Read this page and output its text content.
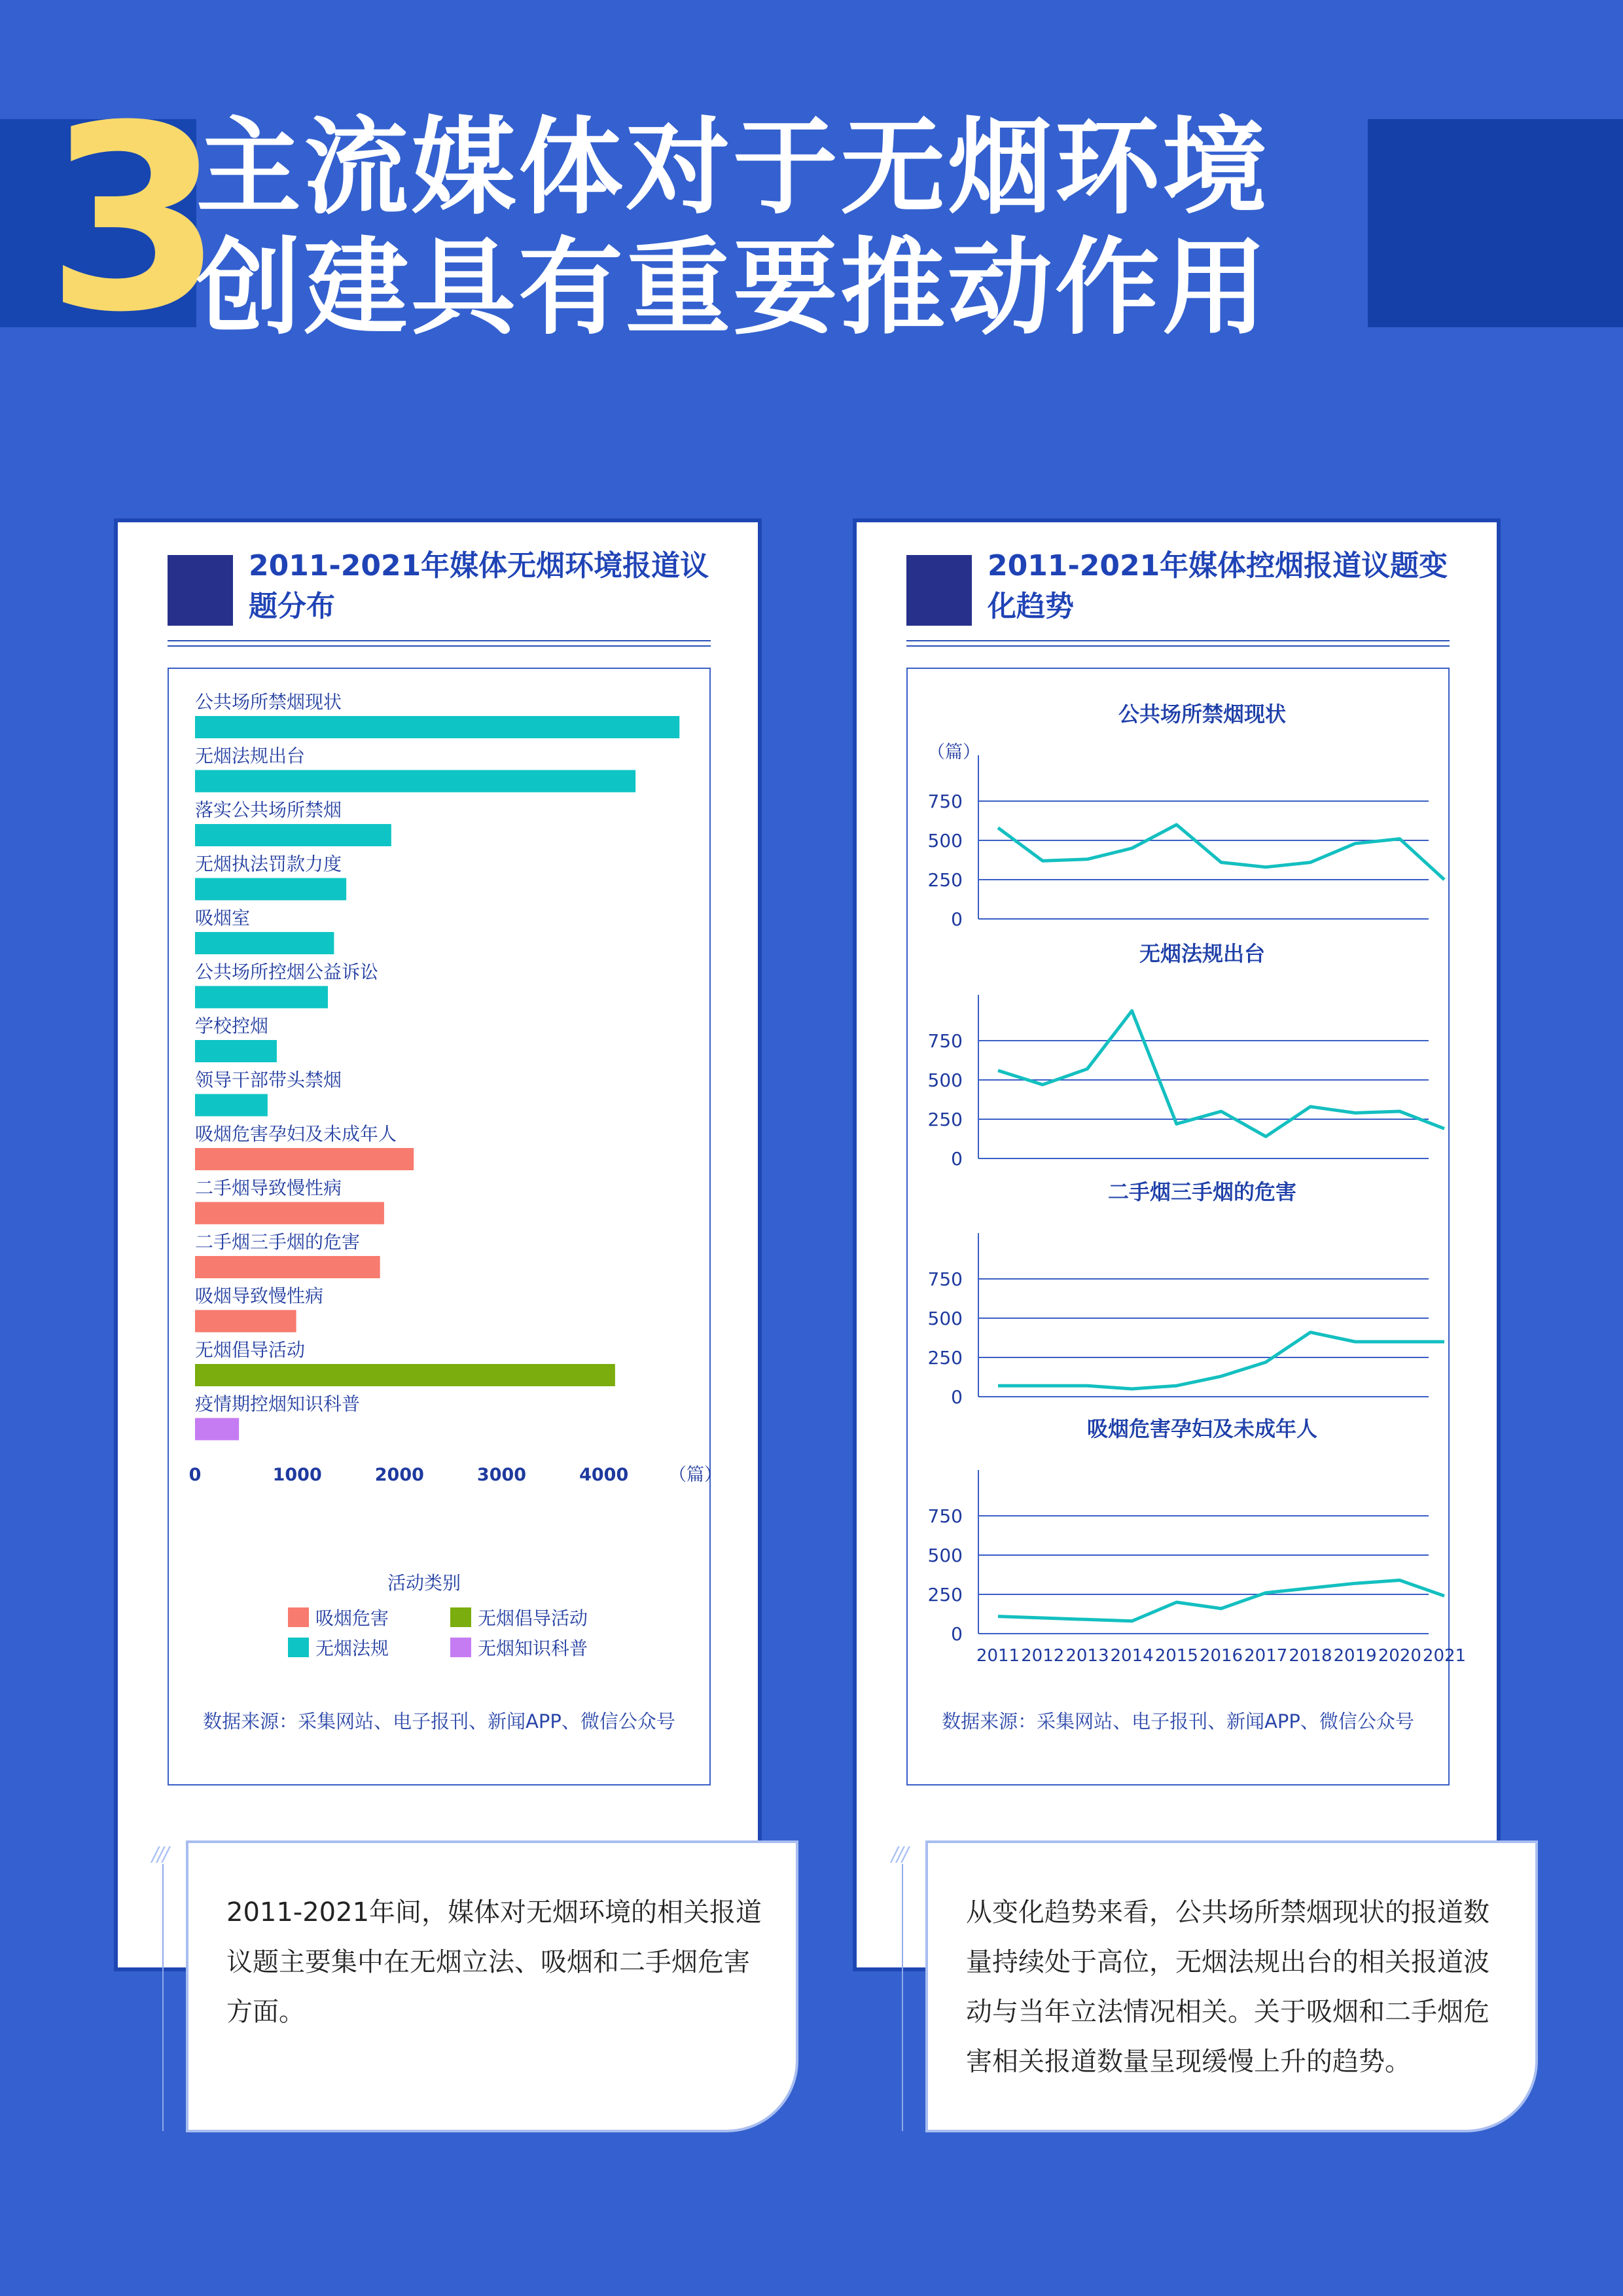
3
主流媒体对于无烟环境
创建具有重要推动作用
2011-2021年媒体无烟环境报道议题分布
公共场所禁烟现状
无烟法规出台
落实公共场所禁烟
无烟执法罚款力度
吸烟室
公共场所控烟公益诉讼
学校控烟
领导干部带头禁烟
吸烟危害孕妇及未成年人
二手烟导致慢性病
二手烟三手烟的危害
吸烟导致慢性病
无烟倡导活动
疫情期控烟知识科普
0	1000	2000	3000	4000 （篇）
活动类别
吸烟危害	无烟倡导活动
无烟法规	无烟知识科普
数据来源：采集网站、电子报刊、新闻APP、微信公众号
2011-2021年媒体控烟报道议题变化趋势
（篇）
公共场所禁烟现状
0
250
500
750
无烟法规出台
0
250
500
750
二手烟三手烟的危害
0
250
500
750
吸烟危害孕妇及未成年人
0
250
500
750
2011 2012 2013 2014 2015 2016 2017 2018 2019 2020 2021
数据来源：采集网站、电子报刊、新闻APP、微信公众号
///

2011-2021年间，媒体对无烟环境的相关报道议题主要集中在无烟立法、吸烟和二手烟危害方面。

///

从变化趋势来看，公共场所禁烟现状的报道数量持续处于高位，无烟法规出台的相关报道波动与当年立法情况相关。关于吸烟和二手烟危害相关报道数量呈现缓慢上升的趋势。
